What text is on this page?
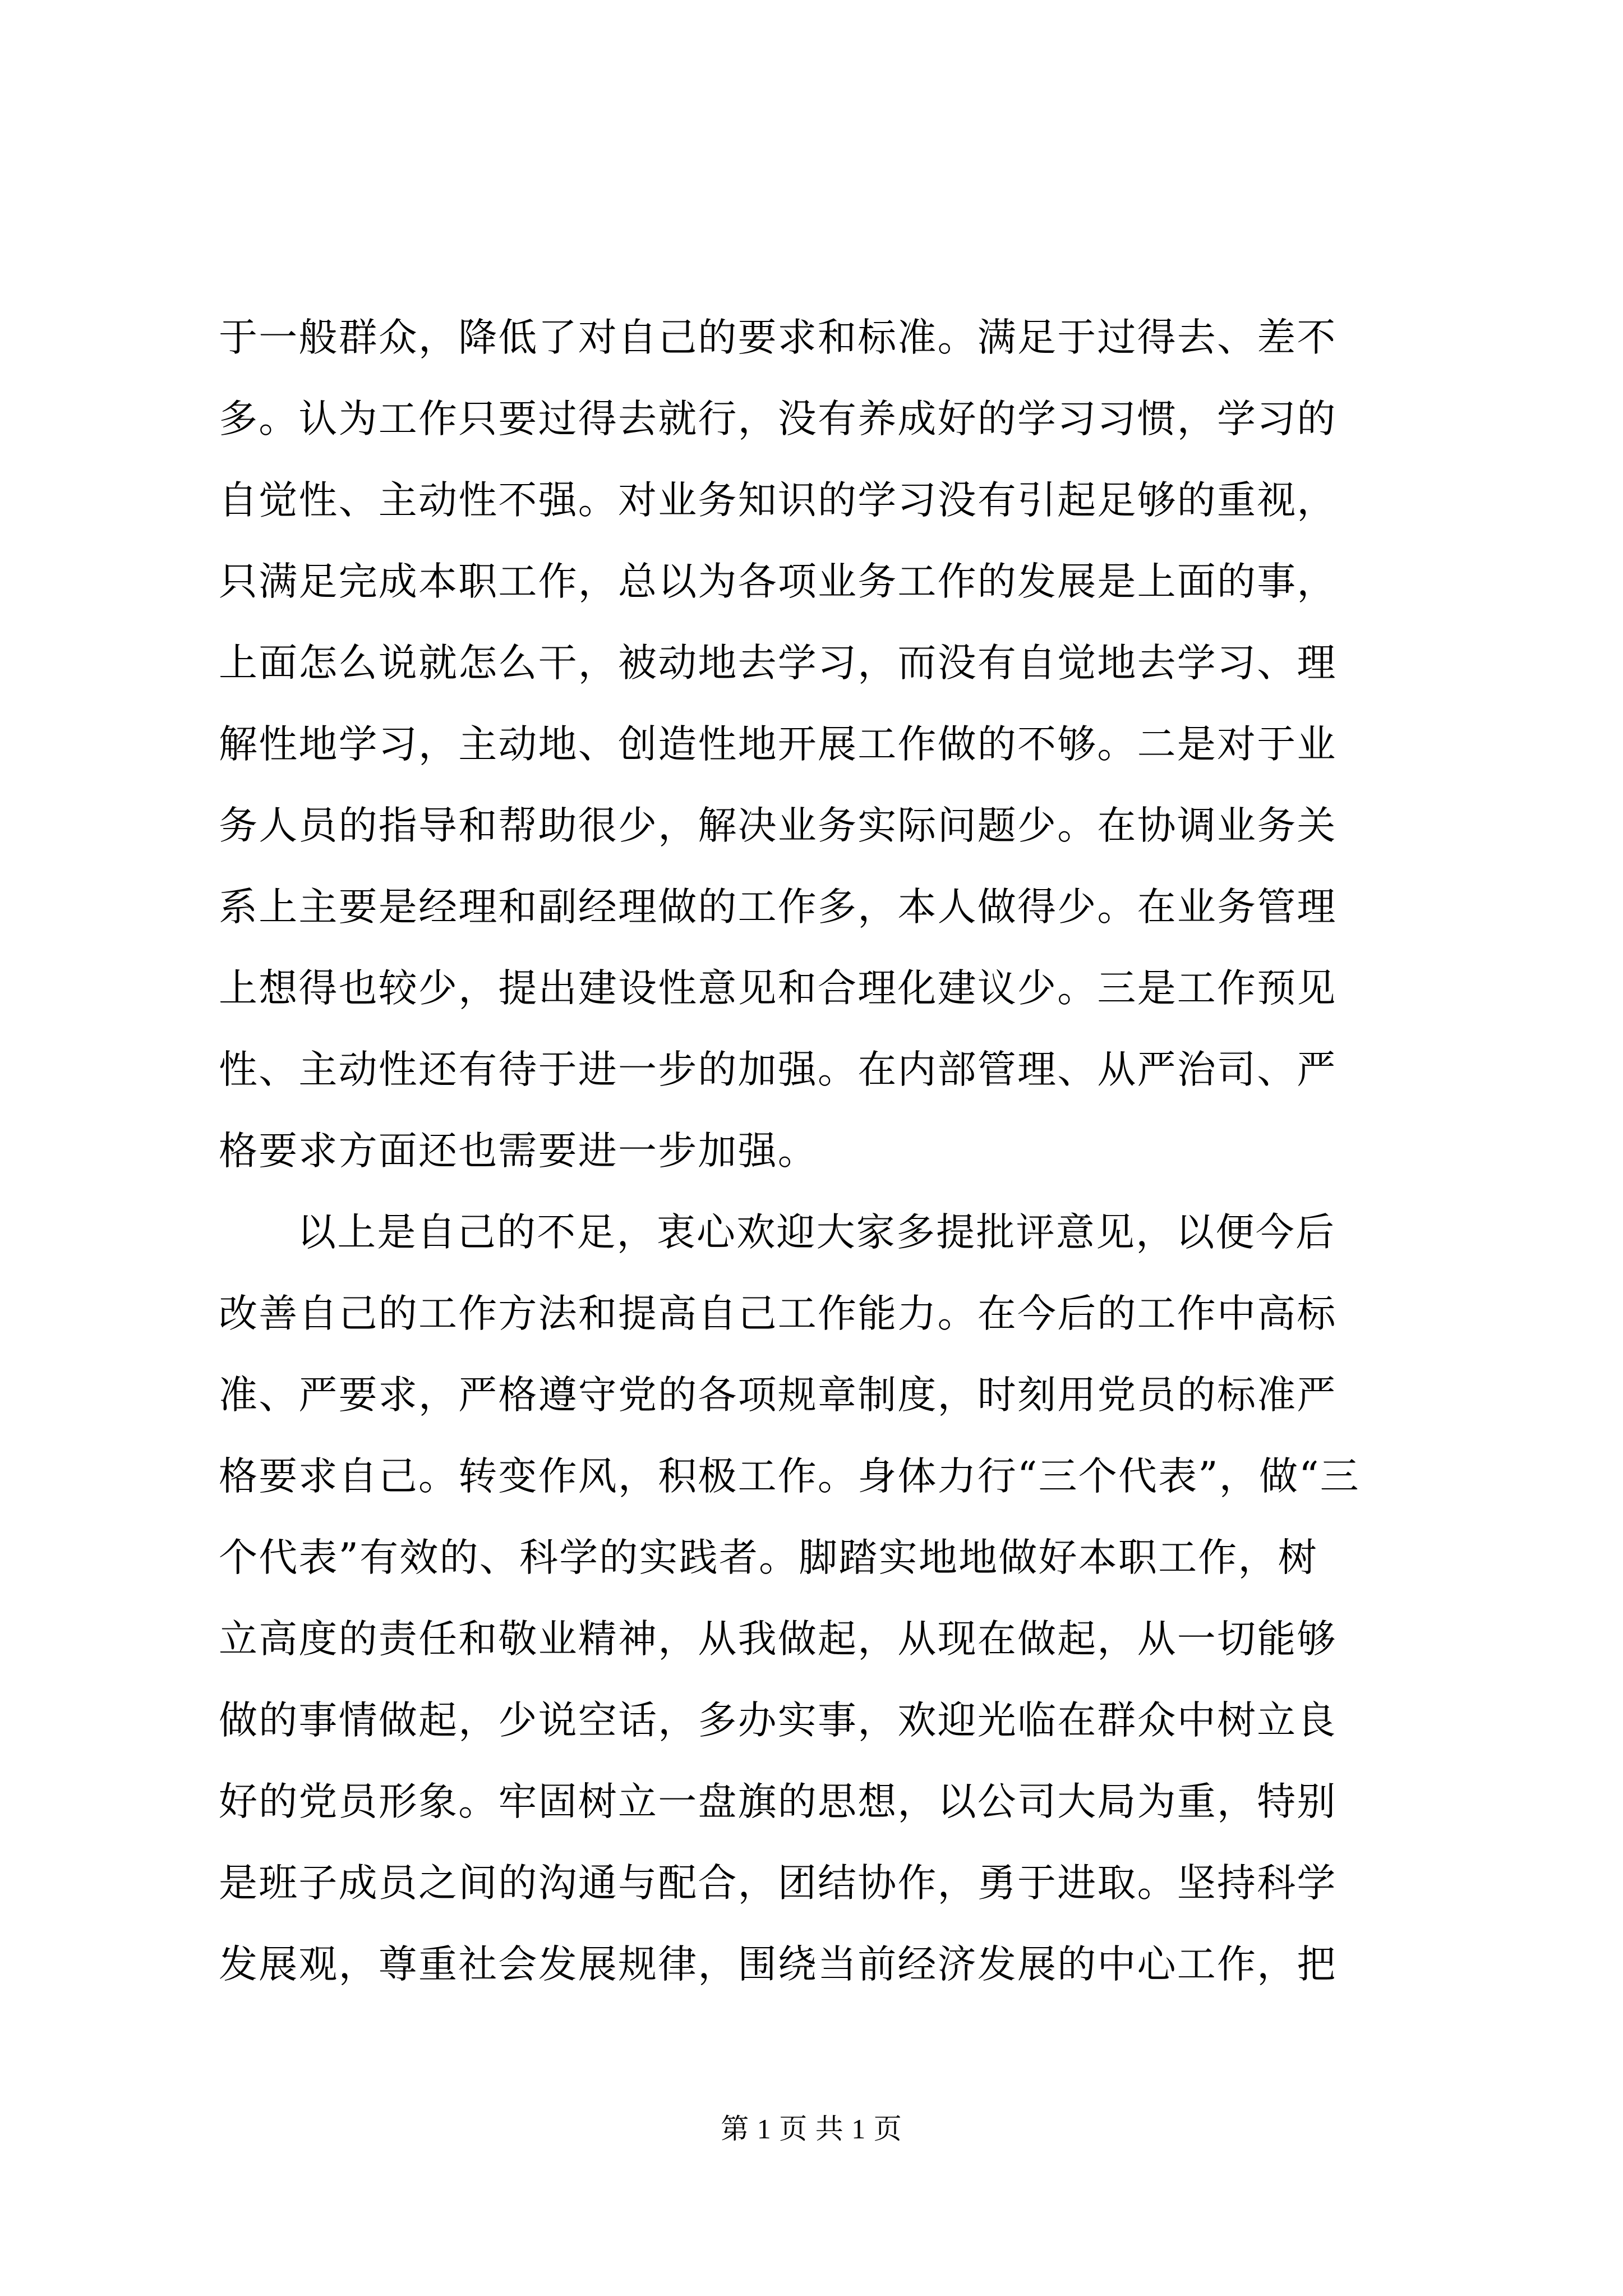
于一般群众，降低了对自己的要求和标准。满足于过得去、差不
多。认为工作只要过得去就行，没有养成好的学习习惯，学习的
自觉性、主动性不强。对业务知识的学习没有引起足够的重视，
只满足完成本职工作，总以为各项业务工作的发展是上面的事，
上面怎么说就怎么干，被动地去学习，而没有自觉地去学习、理
解性地学习，主动地、创造性地开展工作做的不够。二是对于业
务人员的指导和帮助很少，解决业务实际问题少。在协调业务关
系上主要是经理和副经理做的工作多，本人做得少。在业务管理
上想得也较少，提出建设性意见和合理化建议少。三是工作预见
性、主动性还有待于进一步的加强。在内部管理、从严治司、严
格要求方面还也需要进一步加强。
以上是自己的不足，衷心欢迎大家多提批评意见，以便今后
改善自己的工作方法和提高自己工作能力。在今后的工作中高标
准、严要求，严格遵守党的各项规章制度，时刻用党员的标准严
格要求自己。转变作风，积极工作。身体力行“三个代表”，做“三
个代表”有效的、科学的实践者。脚踏实地地做好本职工作，树
立高度的责任和敬业精神，从我做起，从现在做起，从一切能够
做的事情做起，少说空话，多办实事，欢迎光临在群众中树立良
好的党员形象。牢固树立一盘旗的思想，以公司大局为重，特别
是班子成员之间的沟通与配合，团结协作，勇于进取。坚持科学
发展观，尊重社会发展规律，围绕当前经济发展的中心工作，把
第 1 页 共 1 页
